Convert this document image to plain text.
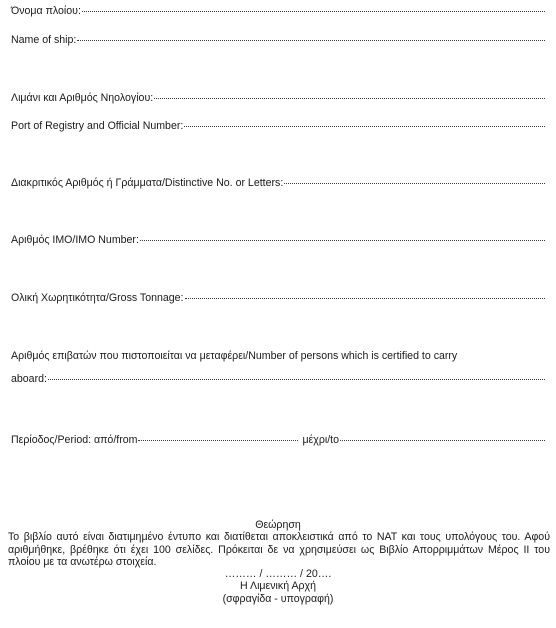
Όνομα πλοίου:
Name of ship:
Λιμάνι και Αριθμός Νηολογίου:
Port of Registry and Official Number:
Διακριτικός Αριθμός ή Γράμματα/Distinctive No. or Letters:
Αριθμός IMO/IMO Number:
Ολική Χωρητικότητα/Gross Tonnage:
Αριθμός επιβατών που πιστοποιείται να μεταφέρει/Number of persons which is certified to carry
aboard:
Περίοδος/Period: από/from	μέχρι/to
Θεώρηση
Το βιβλίο αυτό είναι διατιμημένο έντυπο και διατίθεται αποκλειστικά από το ΝΑΤ και τους υπολόγους του. Αφού αριθμήθηκε, βρέθηκε ότι έχει 100 σελίδες. Πρόκειται δε να χρησιμεύσει ως Βιβλίο Απορριμμάτων Μέρος ΙΙ του πλοίου με τα ανωτέρω στοιχεία.
……… / ……… / 20….
Η Λιμενική Αρχή
(σφραγίδα - υπογραφή)
